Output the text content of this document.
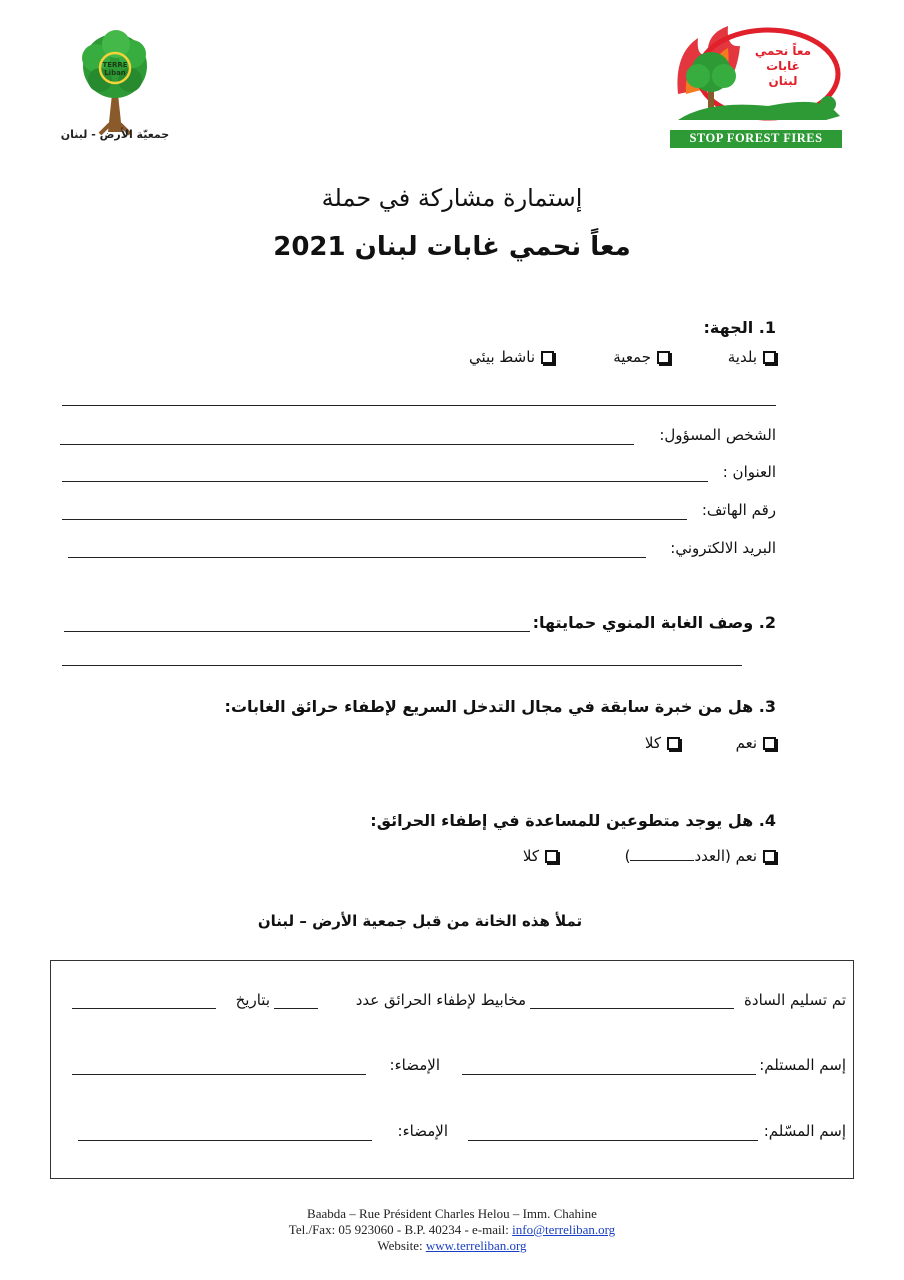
TERRE Liban
جمعيّة الأرض - لبنان
معاً نحمي غابات لبنان
STOP FOREST FIRES
إستمارة مشاركة في حملة
معاً نحمي غابات لبنان 2021
1. الجهة:
بلدية
جمعية
ناشط بيئي
الشخص المسؤول:
العنوان :
رقم الهاتف:
البريد الالكتروني:
2. وصف الغابة المنوي حمايتها:
3. هل من خبرة سابقة في مجال التدخل السريع لإطفاء حرائق الغابات:
نعم
كلا
4. هل يوجد متطوعين للمساعدة في إطفاء الحرائق:
نعم (العدد)
كلا
تملأ هذه الخانة من قبل جمعية الأرض – لبنان
تم تسليم السادة
مخابيط لإطفاء الحرائق عدد
بتاريخ
إسم المستلم:
الإمضاء:
إسم المسّلم:
الإمضاء:
Baabda – Rue Président Charles Helou – Imm. Chahine
Tel./Fax: 05 923060 - B.P. 40234 - e-mail: info@terreliban.org
Website: www.terreliban.org
